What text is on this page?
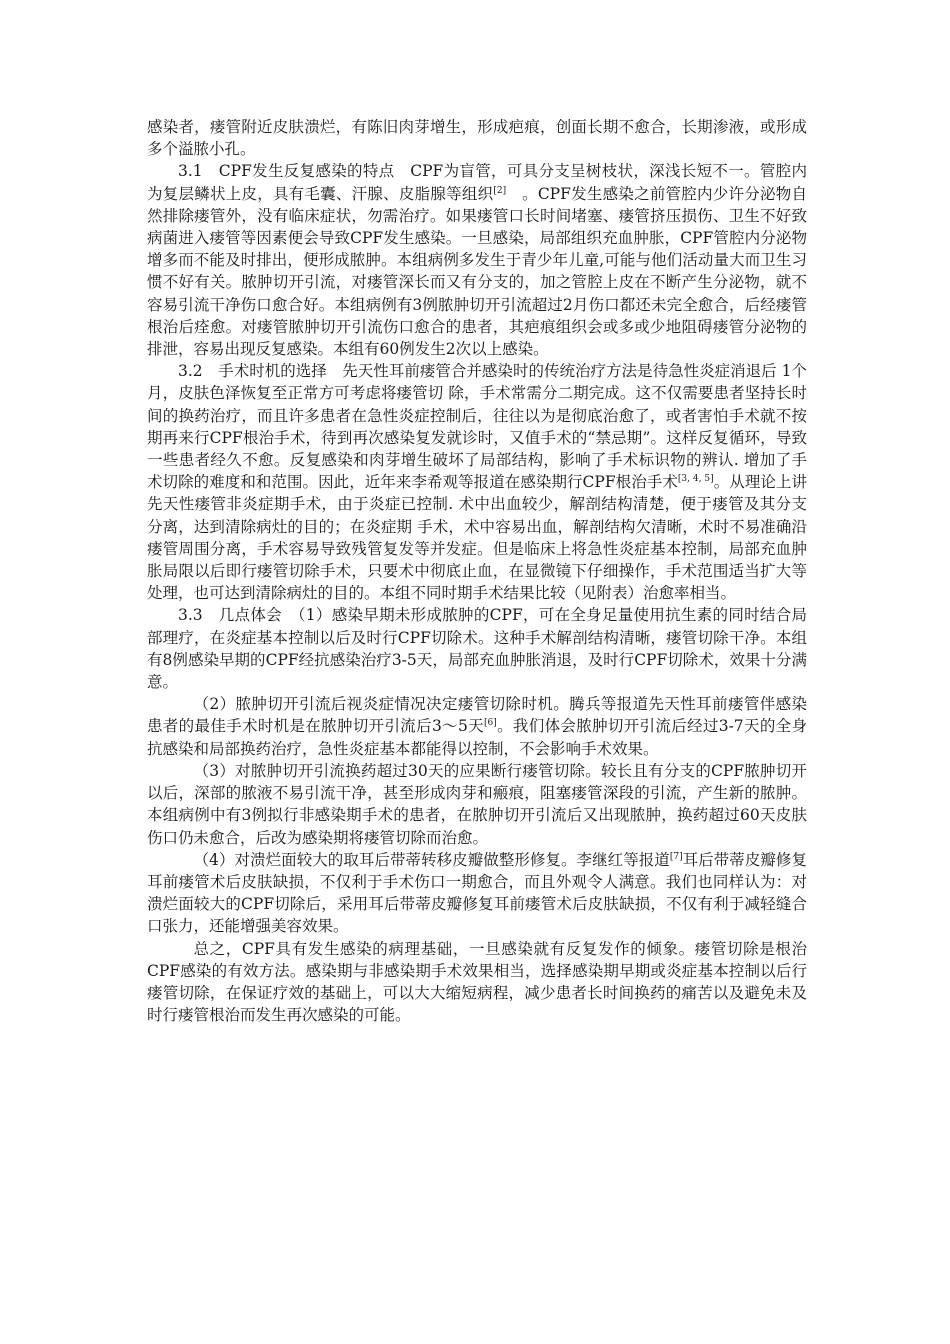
感染者，瘘管附近皮肤溃烂，有陈旧肉芽增生，形成疤痕，创面长期不愈合，长期渗液，或形成多个溢脓小孔。

3.1　CPF发生反复感染的特点　CPF为盲管，可具分支呈树枝状，深浅长短不一。管腔内为复层鳞状上皮，具有毛囊、汗腺、皮脂腺等组织[2]　。CPF发生感染之前管腔内少许分泌物自然排除瘘管外，没有临床症状，勿需治疗。如果瘘管口长时间堵塞、瘘管挤压损伤、卫生不好致病菌进入瘘管等因素便会导致CPF发生感染。一旦感染，局部组织充血肿胀，CPF管腔内分泌物增多而不能及时排出，便形成脓肿。本组病例多发生于青少年儿童,可能与他们活动量大而卫生习惯不好有关。脓肿切开引流，对瘘管深长而又有分支的，加之管腔上皮在不断产生分泌物，就不容易引流干净伤口愈合好。本组病例有3例脓肿切开引流超过2月伤口都还未完全愈合，后经瘘管根治后痊愈。对瘘管脓肿切开引流伤口愈合的患者，其疤痕组织会或多或少地阻碍瘘管分泌物的排泄，容易出现反复感染。本组有60例发生2次以上感染。

3.2　手术时机的选择　先天性耳前瘘管合并感染时的传统治疗方法是待急性炎症消退后 1个月，皮肤色泽恢复至正常方可考虑将瘘管切 除，手术常需分二期完成。这不仅需要患者坚持长时间的换药治疗，而且许多患者在急性炎症控制后，往往以为是彻底治愈了，或者害怕手术就不按期再来行CPF根治手术，待到再次感染复发就诊时，又值手术的“禁忌期”。这样反复循环，导致一些患者经久不愈。反复感染和肉芽增生破坏了局部结构，影响了手术标识物的辨认. 增加了手术切除的难度和和范围。因此，近年来李希观等报道在感染期行CPF根治手术[3, 4, 5]。从理论上讲先天性瘘管非炎症期手术，由于炎症已控制. 术中出血较少，解剖结构清楚，便于瘘管及其分支分离，达到清除病灶的目的；在炎症期 手术，术中容易出血，解剖结构欠清晰，术时不易准确沿瘘管周围分离，手术容易导致残管复发等并发症。但是临床上将急性炎症基本控制，局部充血肿胀局限以后即行瘘管切除手术，只要术中彻底止血，在显微镜下仔细操作，手术范围适当扩大等处理，也可达到清除病灶的目的。本组不同时期手术结果比较（见附表）治愈率相当。

3.3　几点体会　（1）感染早期未形成脓肿的CPF，可在全身足量使用抗生素的同时结合局部理疗，在炎症基本控制以后及时行CPF切除术。这种手术解剖结构清晰，瘘管切除干净。本组有8例感染早期的CPF经抗感染治疗3-5天，局部充血肿胀消退，及时行CPF切除术，效果十分满意。

（2）脓肿切开引流后视炎症情况决定瘘管切除时机。腾兵等报道先天性耳前瘘管伴感染患者的最佳手术时机是在脓肿切开引流后3～5天[6]。我们体会脓肿切开引流后经过3-7天的全身抗感染和局部换药治疗，急性炎症基本都能得以控制，不会影响手术效果。

（3）对脓肿切开引流换药超过30天的应果断行瘘管切除。较长且有分支的CPF脓肿切开以后，深部的脓液不易引流干净，甚至形成肉芽和瘢痕，阻塞瘘管深段的引流，产生新的脓肿。本组病例中有3例拟行非感染期手术的患者，在脓肿切开引流后又出现脓肿，换药超过60天皮肤伤口仍未愈合，后改为感染期将瘘管切除而治愈。

（4）对溃烂面较大的取耳后带蒂转移皮瓣做整形修复。李继红等报道[7]耳后带蒂皮瓣修复耳前瘘管术后皮肤缺损，不仅利于手术伤口一期愈合，而且外观令人满意。我们也同样认为：对溃烂面较大的CPF切除后，采用耳后带蒂皮瓣修复耳前瘘管术后皮肤缺损，不仅有利于减轻缝合口张力，还能增强美容效果。

总之，CPF具有发生感染的病理基础，一旦感染就有反复发作的倾象。瘘管切除是根治CPF感染的有效方法。感染期与非感染期手术效果相当，选择感染期早期或炎症基本控制以后行瘘管切除，在保证疗效的基础上，可以大大缩短病程，减少患者长时间换药的痛苦以及避免未及时行瘘管根治而发生再次感染的可能。
